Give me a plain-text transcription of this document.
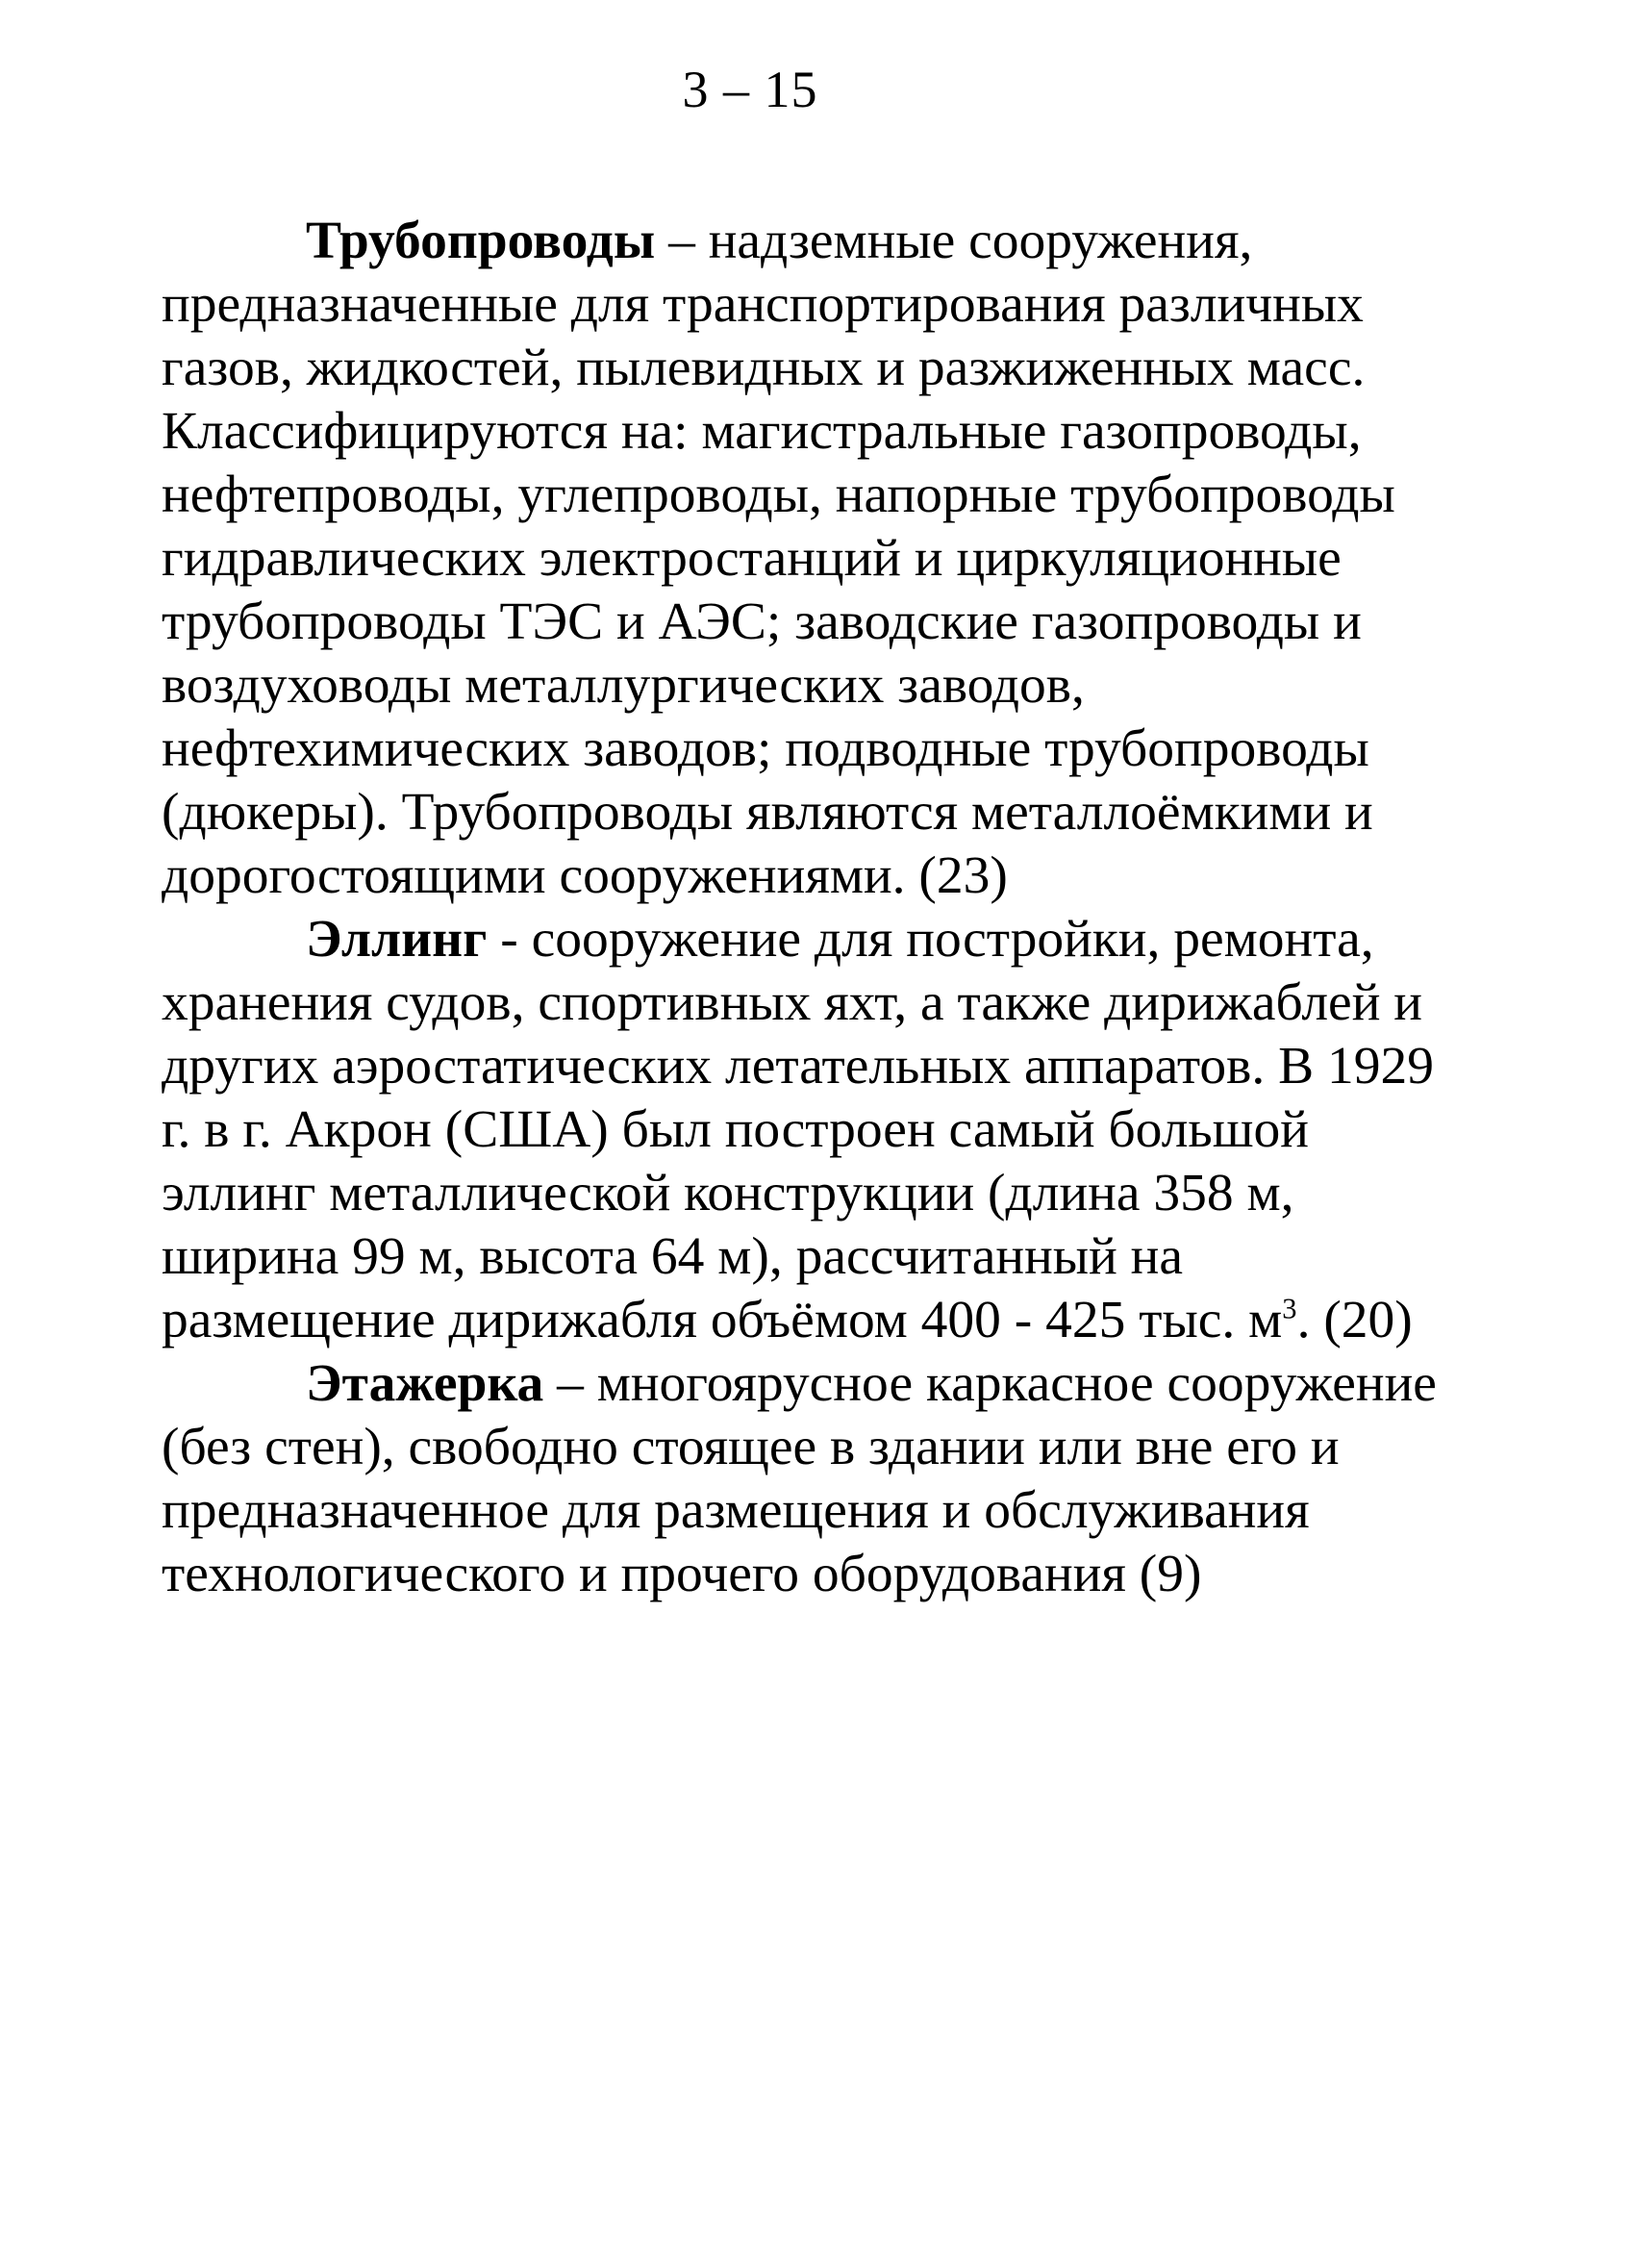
3 – 15
Трубопроводы – надземные сооружения,
предназначенные для транспортирования различных
газов, жидкостей, пылевидных и разжиженных масс.
Классифицируются на: магистральные газопроводы,
нефтепроводы, углепроводы, напорные трубопроводы
гидравлических электростанций и циркуляционные
трубопроводы ТЭС и АЭС; заводские газопроводы и
воздуховоды металлургических заводов,
нефтехимических заводов; подводные трубопроводы
(дюкеры). Трубопроводы являются металлоёмкими и
дорогостоящими сооружениями. (23)
Эллинг - сооружение для постройки, ремонта,
хранения судов, спортивных яхт, а также дирижаблей и
других аэростатических летательных аппаратов. В 1929
г. в г. Акрон (США) был построен самый большой
эллинг металлической конструкции (длина 358 м,
ширина 99 м, высота 64 м), рассчитанный на
размещение дирижабля объёмом 400 - 425 тыс. $м^3$. (20)
Этажерка – многоярусное каркасное сооружение
(без стен), свободно стоящее в здании или вне его и
предназначенное для размещения и обслуживания
технологического и прочего оборудования (9)
